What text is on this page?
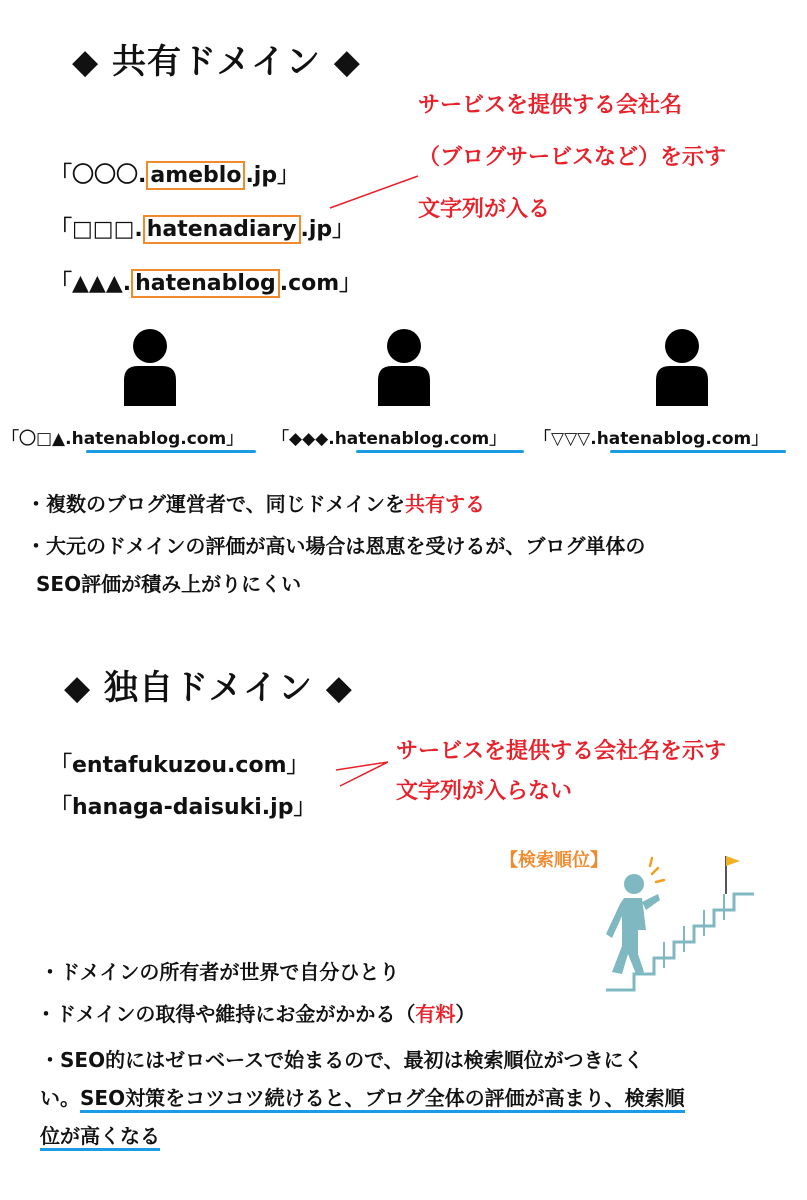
◆ 共有ドメイン ◆
「〇〇〇. ameblo .jp」
「□□□. hatenadiary .jp」
「▲▲▲. hatenablog .com」
サービスを提供する会社名
（ブログサービスなど）を示す
文字列が入る
「〇□▲.hatenablog.com」 「◆◆◆.hatenablog.com」 「▽▽▽.hatenablog.com」
・複数のブログ運営者で、同じドメインを共有する
・大元のドメインの評価が高い場合は恩恵を受けるが、ブログ単体の
SEO評価が積み上がりにくい
◆ 独自ドメイン ◆
「entafukuzou.com」
「hanaga-daisuki.jp」
サービスを提供する会社名を示す
文字列が入らない
【検索順位】
・ドメインの所有者が世界で自分ひとり
・ドメインの取得や維持にお金がかかる（有料）
・SEO的にはゼロベースで始まるので、最初は検索順位がつきにく
い。SEO対策をコツコツ続けると、ブログ全体の評価が高まり、検索順
位が高くなる
